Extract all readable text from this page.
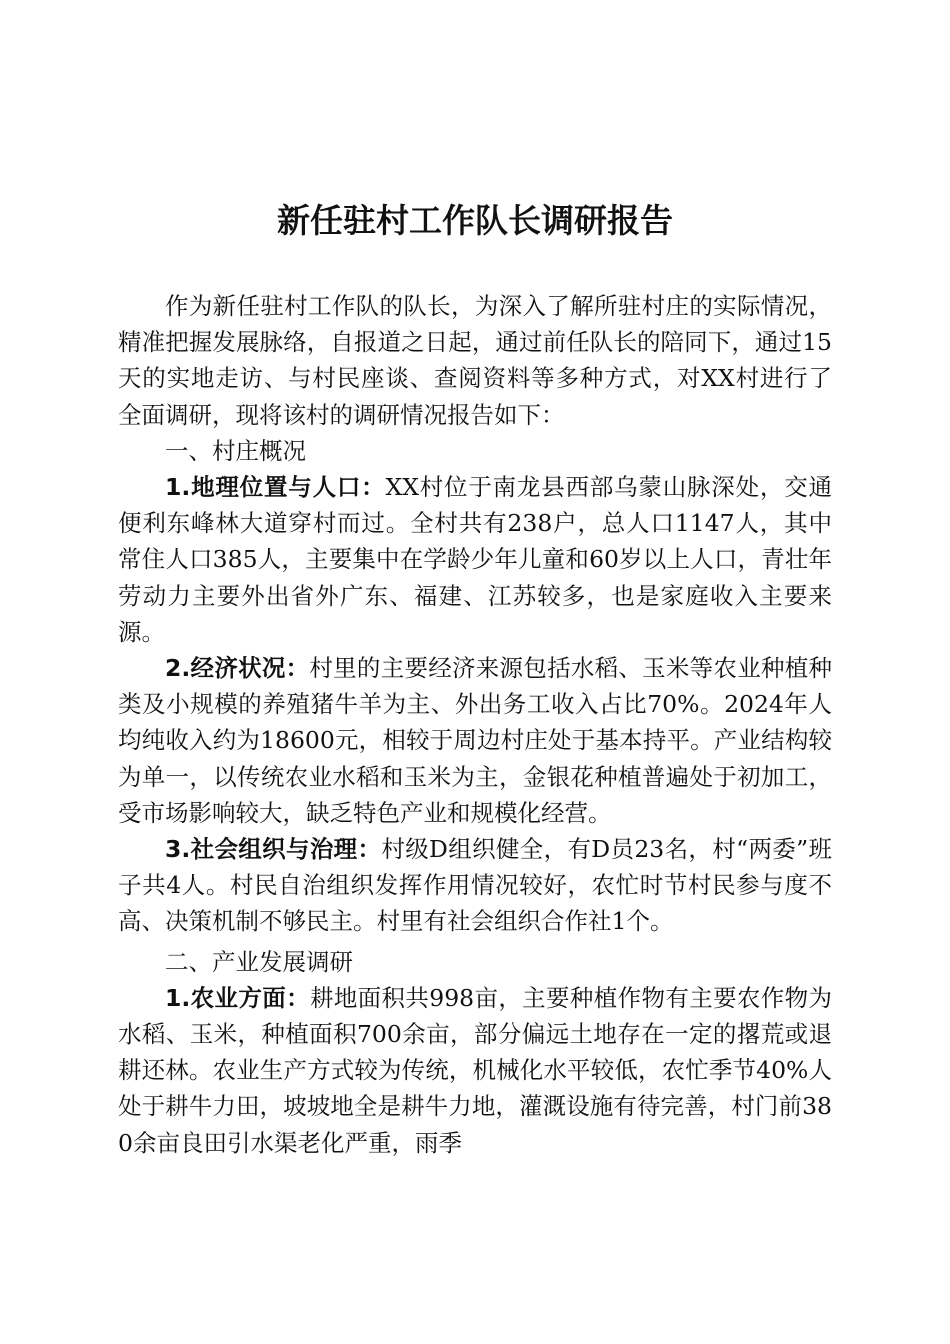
新任驻村工作队长调研报告

作为新任驻村工作队的队长，为深入了解所驻村庄的实际情况，精准把握发展脉络，自报道之日起，通过前任队长的陪同下，通过15天的实地走访、与村民座谈、查阅资料等多种方式，对XX村进行了全面调研，现将该村的调研情况报告如下：

一、村庄概况

1.地理位置与人口：XX村位于南龙县西部乌蒙山脉深处，交通便利东峰林大道穿村而过。全村共有238户，总人口1147人，其中常住人口385人，主要集中在学龄少年儿童和60岁以上人口，青壮年劳动力主要外出省外广东、福建、江苏较多，也是家庭收入主要来源。

2.经济状况：村里的主要经济来源包括水稻、玉米等农业种植种类及小规模的养殖猪牛羊为主、外出务工收入占比70%。2024年人均纯收入约为18600元，相较于周边村庄处于基本持平。产业结构较为单一，以传统农业水稻和玉米为主，金银花种植普遍处于初加工，受市场影响较大，缺乏特色产业和规模化经营。

3.社会组织与治理：村级D组织健全，有D员23名，村“两委”班子共4人。村民自治组织发挥作用情况较好，农忙时节村民参与度不高、决策机制不够民主。村里有社会组织合作社1个。

二、产业发展调研

1.农业方面：耕地面积共998亩，主要种植作物有主要农作物为水稻、玉米，种植面积700余亩，部分偏远土地存在一定的撂荒或退耕还林。农业生产方式较为传统，机械化水平较低，农忙季节40%人处于耕牛力田，坡坡地全是耕牛力地，灌溉设施有待完善，村门前380余亩良田引水渠老化严重，雨季
